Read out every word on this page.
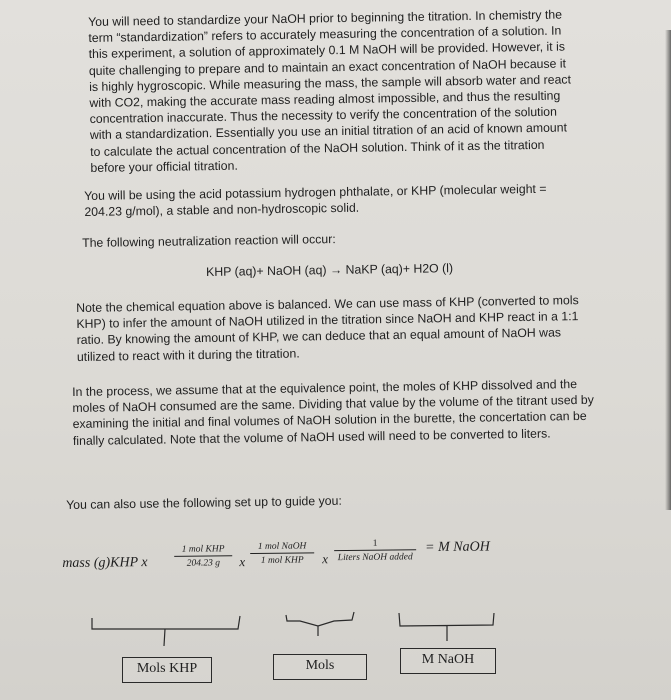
You will need to standardize your NaOH prior to beginning the titration. In chemistry the term “standardization” refers to accurately measuring the concentration of a solution. In this experiment, a solution of approximately 0.1 M NaOH will be provided. However, it is quite challenging to prepare and to maintain an exact concentration of NaOH because it is highly hygroscopic. While measuring the mass, the sample will absorb water and react with CO2, making the accurate mass reading almost impossible, and thus the resulting concentration inaccurate. Thus the necessity to verify the concentration of the solution with a standardization. Essentially you use an initial titration of an acid of known amount to calculate the actual concentration of the NaOH solution. Think of it as the titration before your official titration.

You will be using the acid potassium hydrogen phthalate, or KHP (molecular weight = 204.23 g/mol), a stable and non-hydroscopic solid.

The following neutralization reaction will occur:

KHP (aq)+ NaOH (aq) → NaKP (aq)+ H2O (l)

Note the chemical equation above is balanced. We can use mass of KHP (converted to mols KHP) to infer the amount of NaOH utilized in the titration since NaOH and KHP react in a 1:1 ratio. By knowing the amount of KHP, we can deduce that an equal amount of NaOH was utilized to react with it during the titration.

In the process, we assume that at the equivalence point, the moles of KHP dissolved and the moles of NaOH consumed are the same. Dividing that value by the volume of the titrant used by examining the initial and final volumes of NaOH solution in the burette, the concertation can be finally calculated. Note that the volume of NaOH used will need to be converted to liters.

You can also use the following set up to guide you:

mass (g)KHP x
1 mol KHP
204.23 g	x
1 mol NaOH
1 mol KHP	x
1
Liters NaOH added
= M NaOH
Mols KHP	Mols	M NaOH
